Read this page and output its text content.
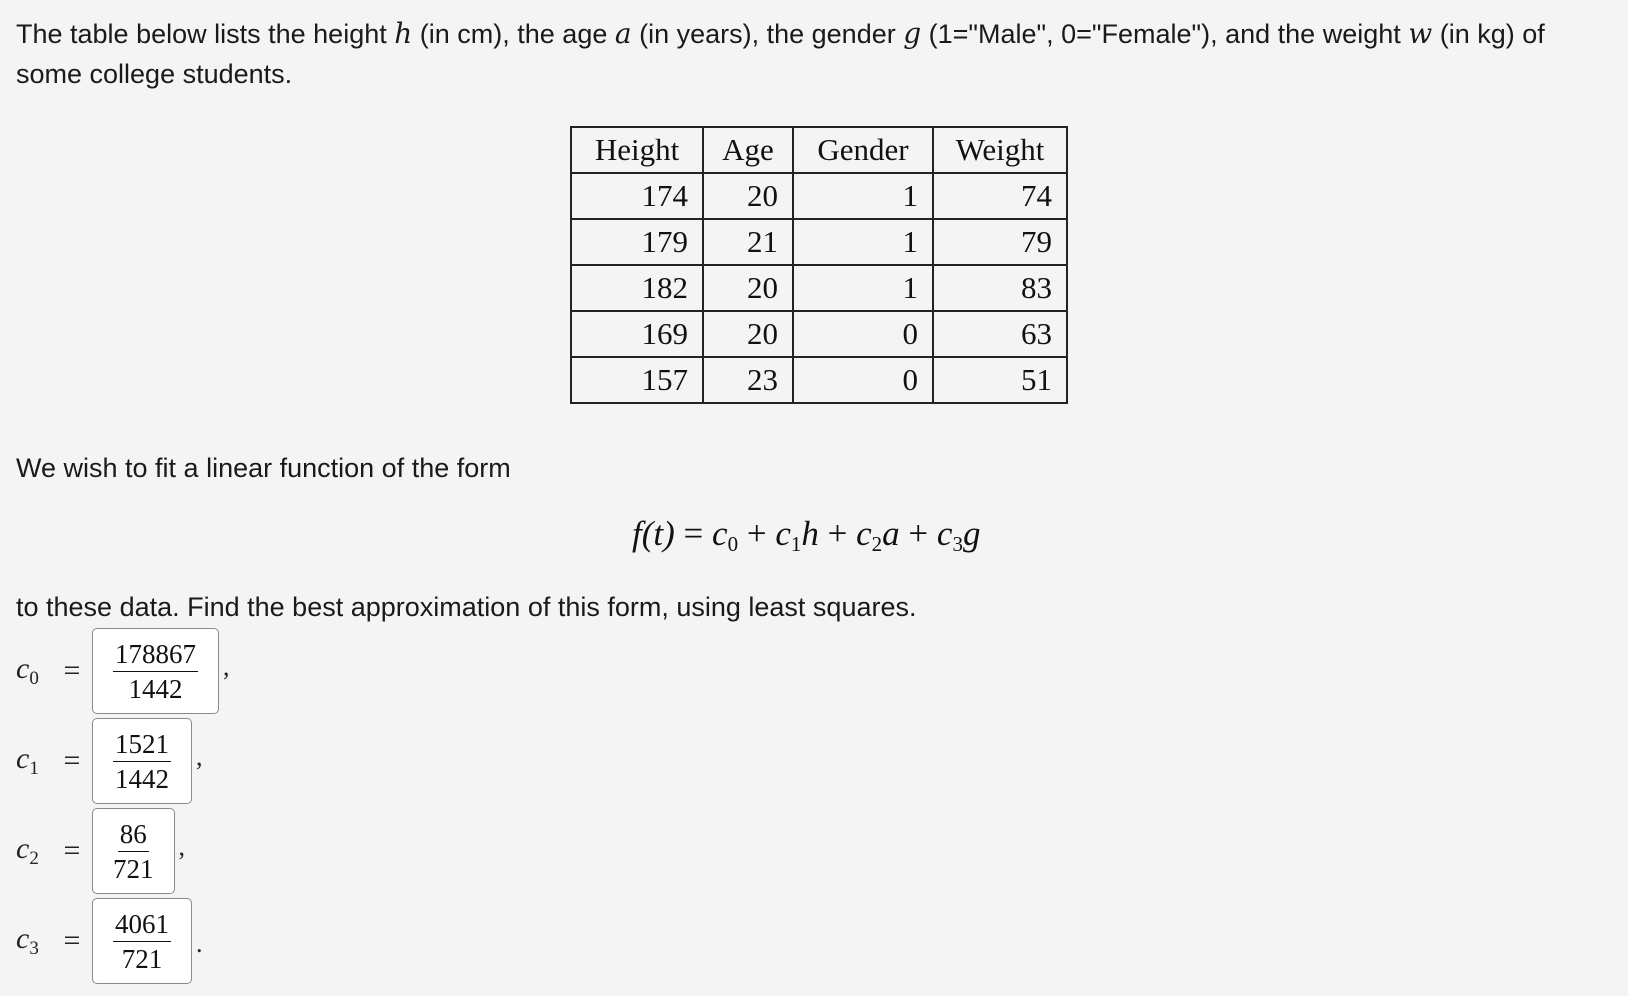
The table below lists the height h (in cm), the age a (in years), the gender g (1="Male", 0="Female"), and the weight w (in kg) of some college students.

Height	Age	Gender	Weight
174	20	1	74
179	21	1	79
182	20	1	83
169	20	0	63
157	23	0	51

We wish to fit a linear function of the form

$f(t) = c_0 + c_1h + c_2a + c_3g$

to these data. Find the best approximation of this form, using least squares.

$c_0$ =	$\frac{178867}{1442}$ ,
$c_1$ =	$\frac{1521}{1442}$ ,
$c_2$ =	$\frac{86}{721}$ ,
$c_3$ =	$\frac{4061}{721}$ .
